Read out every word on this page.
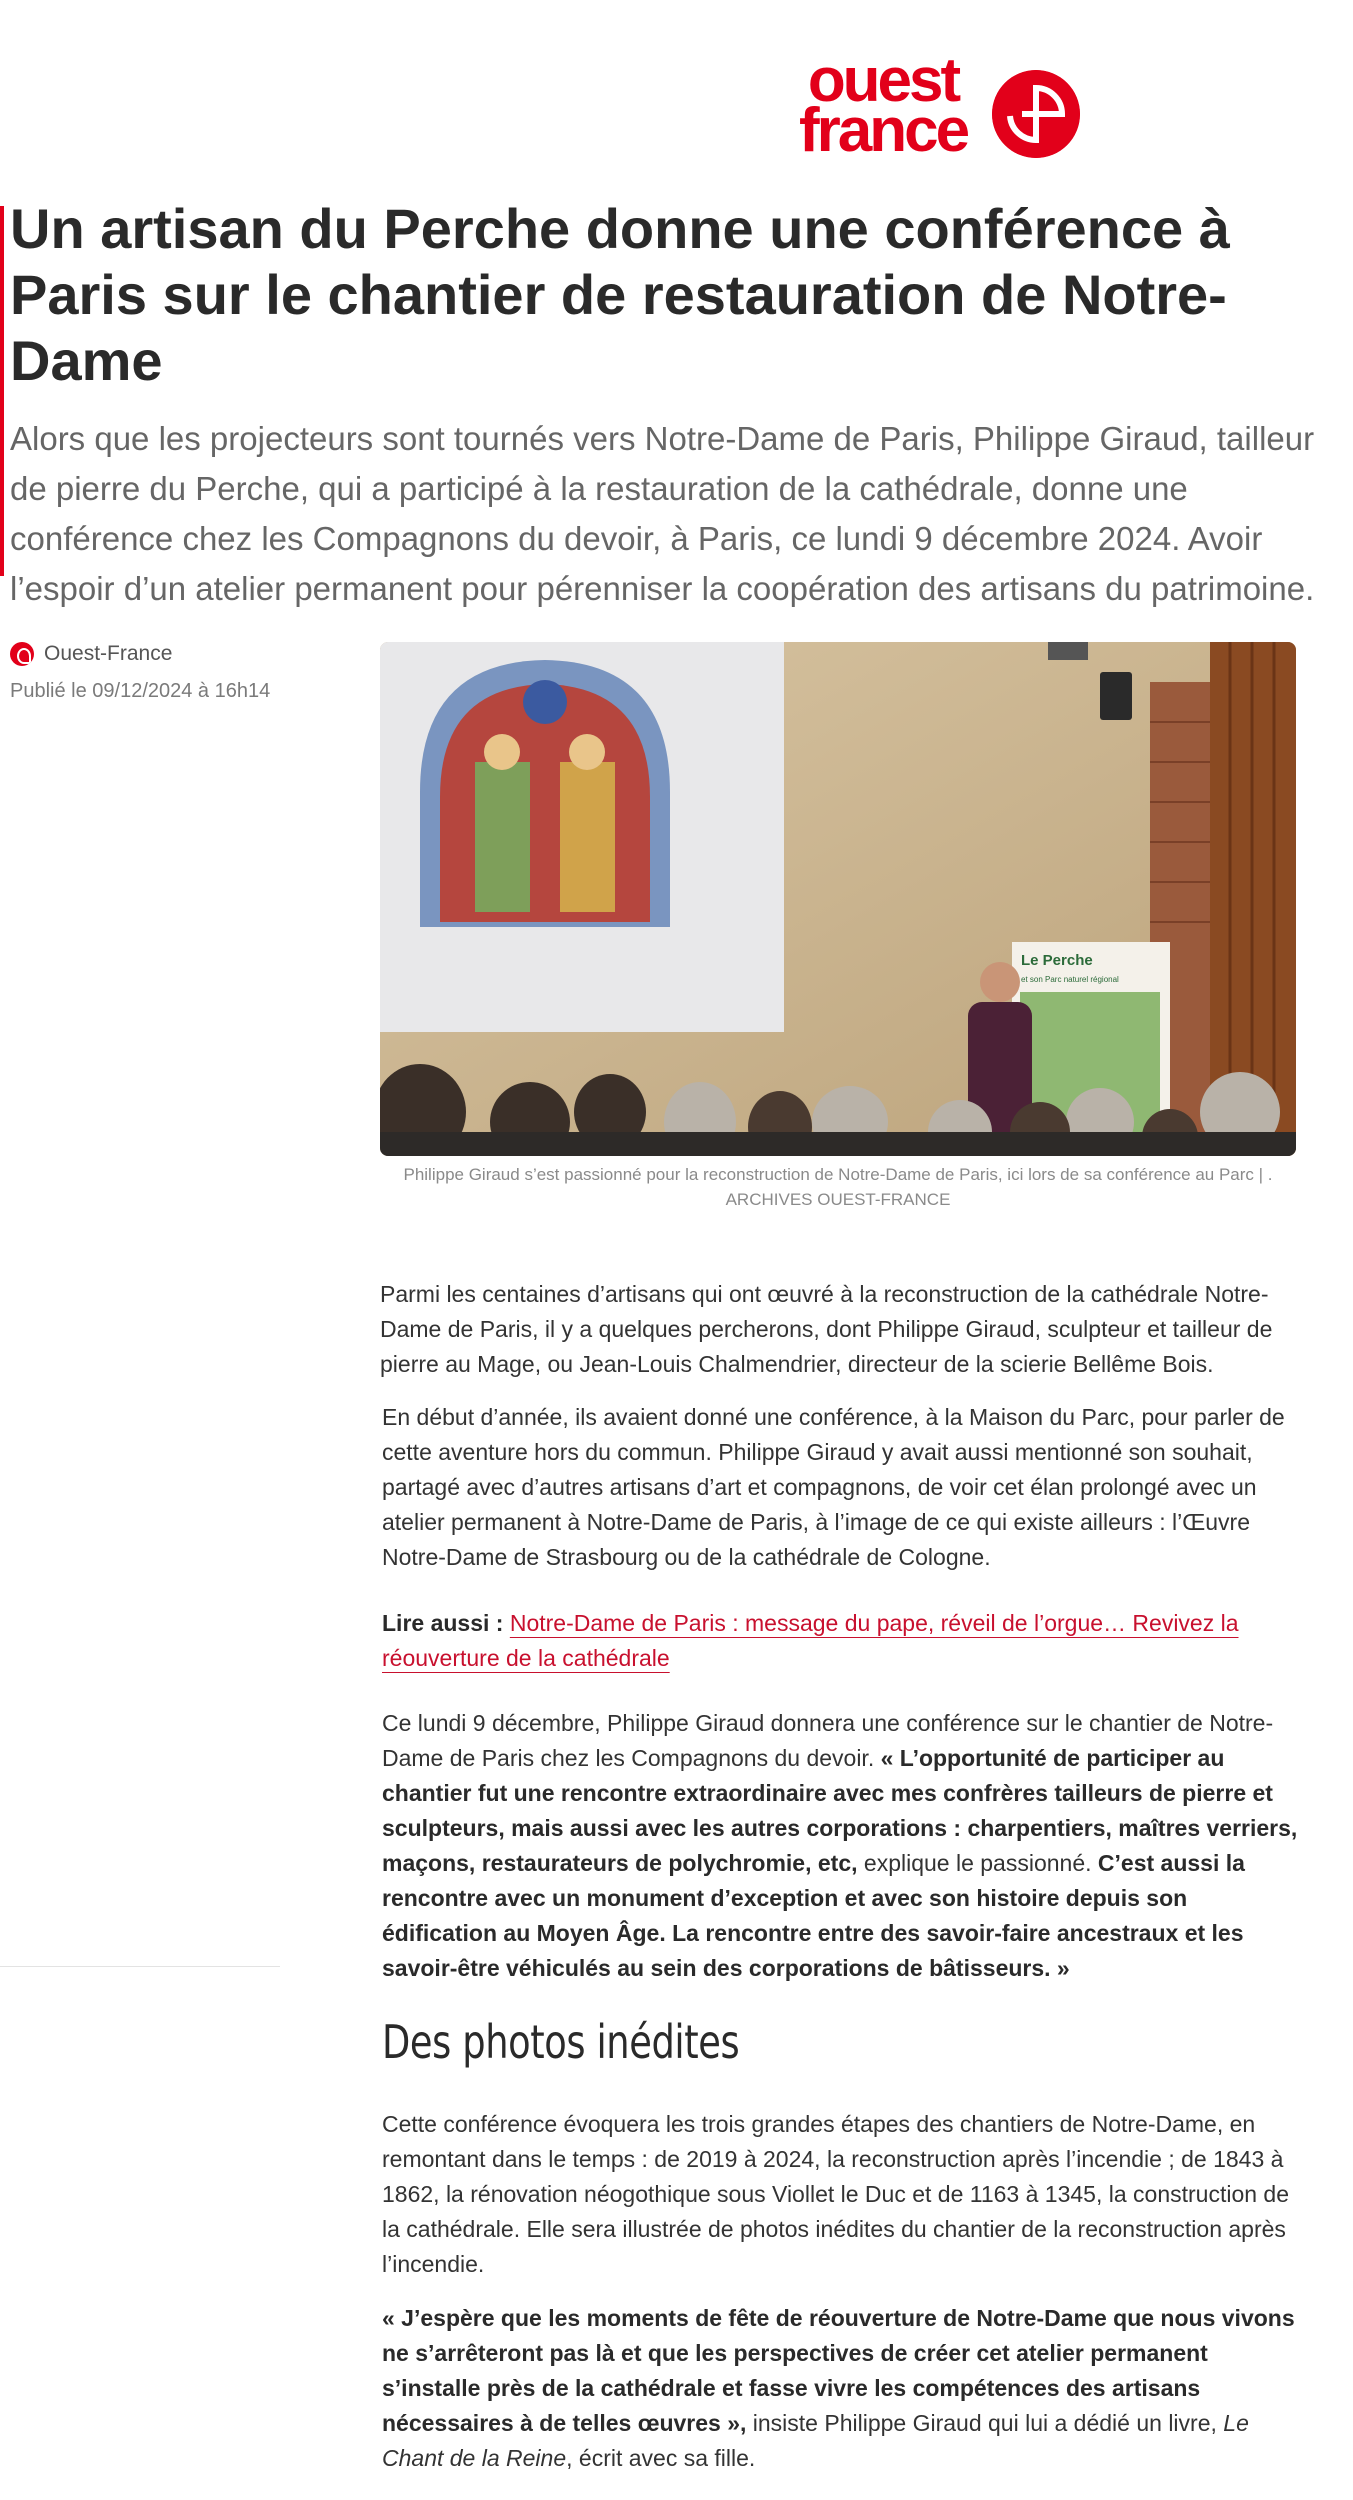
ouest
france
Un artisan du Perche donne une conférence à Paris sur le chantier de restauration de Notre-Dame

Alors que les projecteurs sont tournés vers Notre-Dame de Paris, Philippe Giraud, tailleur de pierre du Perche, qui a participé à la restauration de la cathédrale, donne une conférence chez les Compagnons du devoir, à Paris, ce lundi 9 décembre 2024. Avoir l’espoir d’un atelier permanent pour pérenniser la coopération des artisans du patrimoine.

Ouest-France
Publié le 09/12/2024 à 16h14
Le Perche
et son Parc naturel régional
Philippe Giraud s’est passionné pour la reconstruction de Notre-Dame de Paris, ici lors de sa conférence au Parc | . ARCHIVES OUEST-FRANCE

Parmi les centaines d’artisans qui ont œuvré à la reconstruction de la cathédrale Notre-Dame de Paris, il y a quelques percherons, dont Philippe Giraud, sculpteur et tailleur de pierre au Mage, ou Jean-Louis Chalmendrier, directeur de la scierie Bellême Bois.

En début d’année, ils avaient donné une conférence, à la Maison du Parc, pour parler de cette aventure hors du commun. Philippe Giraud y avait aussi mentionné son souhait, partagé avec d’autres artisans d’art et compagnons, de voir cet élan prolongé avec un atelier permanent à Notre-Dame de Paris, à l’image de ce qui existe ailleurs : l’Œuvre Notre-Dame de Strasbourg ou de la cathédrale de Cologne.

Lire aussi : Notre-Dame de Paris : message du pape, réveil de l’orgue… Revivez la réouverture de la cathédrale

Ce lundi 9 décembre, Philippe Giraud donnera une conférence sur le chantier de Notre-Dame de Paris chez les Compagnons du devoir. « L’opportunité de participer au chantier fut une rencontre extraordinaire avec mes confrères tailleurs de pierre et sculpteurs, mais aussi avec les autres corporations : charpentiers, maîtres verriers, maçons, restaurateurs de polychromie, etc, explique le passionné. C’est aussi la rencontre avec un monument d’exception et avec son histoire depuis son édification au Moyen Âge. La rencontre entre des savoir-faire ancestraux et les savoir-être véhiculés au sein des corporations de bâtisseurs. »

Des photos inédites

Cette conférence évoquera les trois grandes étapes des chantiers de Notre-Dame, en remontant dans le temps : de 2019 à 2024, la reconstruction après l’incendie ; de 1843 à 1862, la rénovation néogothique sous Viollet le Duc et de 1163 à 1345, la construction de la cathédrale. Elle sera illustrée de photos inédites du chantier de la reconstruction après l’incendie.

« J’espère que les moments de fête de réouverture de Notre-Dame que nous vivons ne s’arrêteront pas là et que les perspectives de créer cet atelier permanent s’installe près de la cathédrale et fasse vivre les compétences des artisans nécessaires à de telles œuvres », insiste Philippe Giraud qui lui a dédié un livre, Le Chant de la Reine, écrit avec sa fille.
